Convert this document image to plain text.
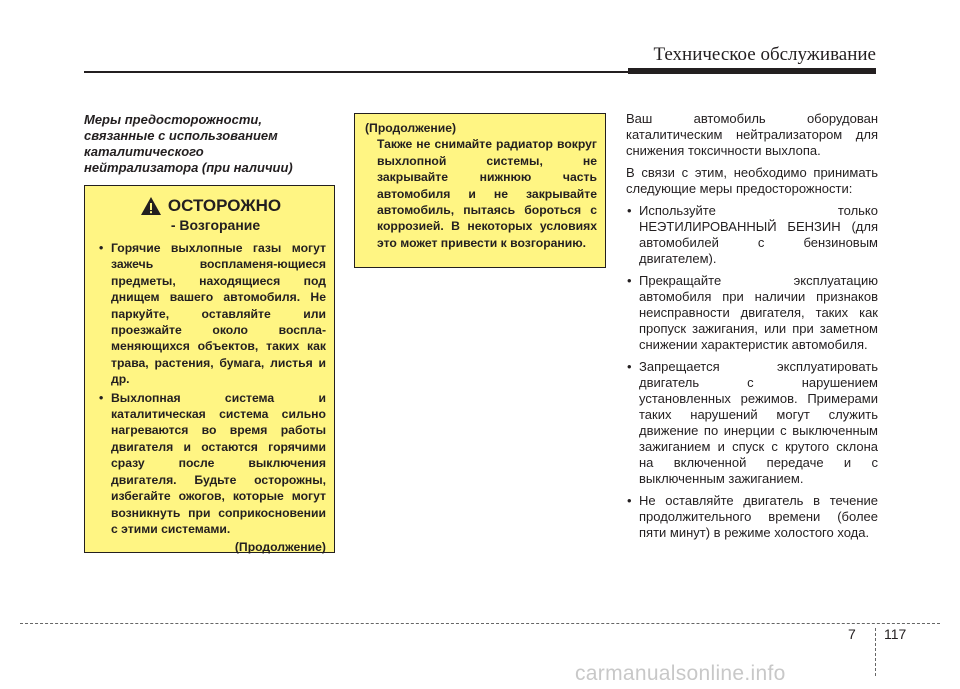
Техническое обслуживание
Меры предосторожности,
связанные с использованием
каталитического
нейтрализатора (при наличии)
ОСТОРОЖНО
- Возгорание
• Горячие выхлопные газы могут зажечь воспламеня-ющиеся предметы, находящиеся под днищем вашего автомобиля. Не паркуйте, оставляйте или проезжайте около воспла-меняющихся объектов, таких как трава, растения, бумага, листья и др.
• Выхлопная система и каталитическая система сильно нагреваются во время работы двигателя и остаются горячими сразу после выключения двигателя. Будьте осторожны, избегайте ожогов, которые могут возникнуть при соприкосновении с этими системами.
(Продолжение)
(Продолжение)
Также не снимайте радиатор вокруг выхлопной системы, не закрывайте нижнюю часть автомобиля и не закрывайте автомобиль, пытаясь бороться с коррозией. В некоторых условиях это может привести к возгоранию.

Ваш автомобиль оборудован каталитическим нейтрализатором для снижения токсичности выхлопа.

В связи с этим, необходимо принимать следующие меры предосторожности:

• Используйте только НЕЭТИЛИРОВАННЫЙ БЕНЗИН (для автомобилей с бензиновым двигателем).
• Прекращайте эксплуатацию автомобиля при наличии признаков неисправности двигателя, таких как пропуск зажигания, или при заметном снижении характеристик автомобиля.
• Запрещается эксплуатировать двигатель с нарушением установленных режимов. Примерами таких нарушений могут служить движение по инерции с выключенным зажиганием и спуск с крутого склона на включенной передаче и с выключенным зажиганием.
• Не оставляйте двигатель в течение продолжительного времени (более пяти минут) в режиме холостого хода.
7 117
carmanualsonline.info
